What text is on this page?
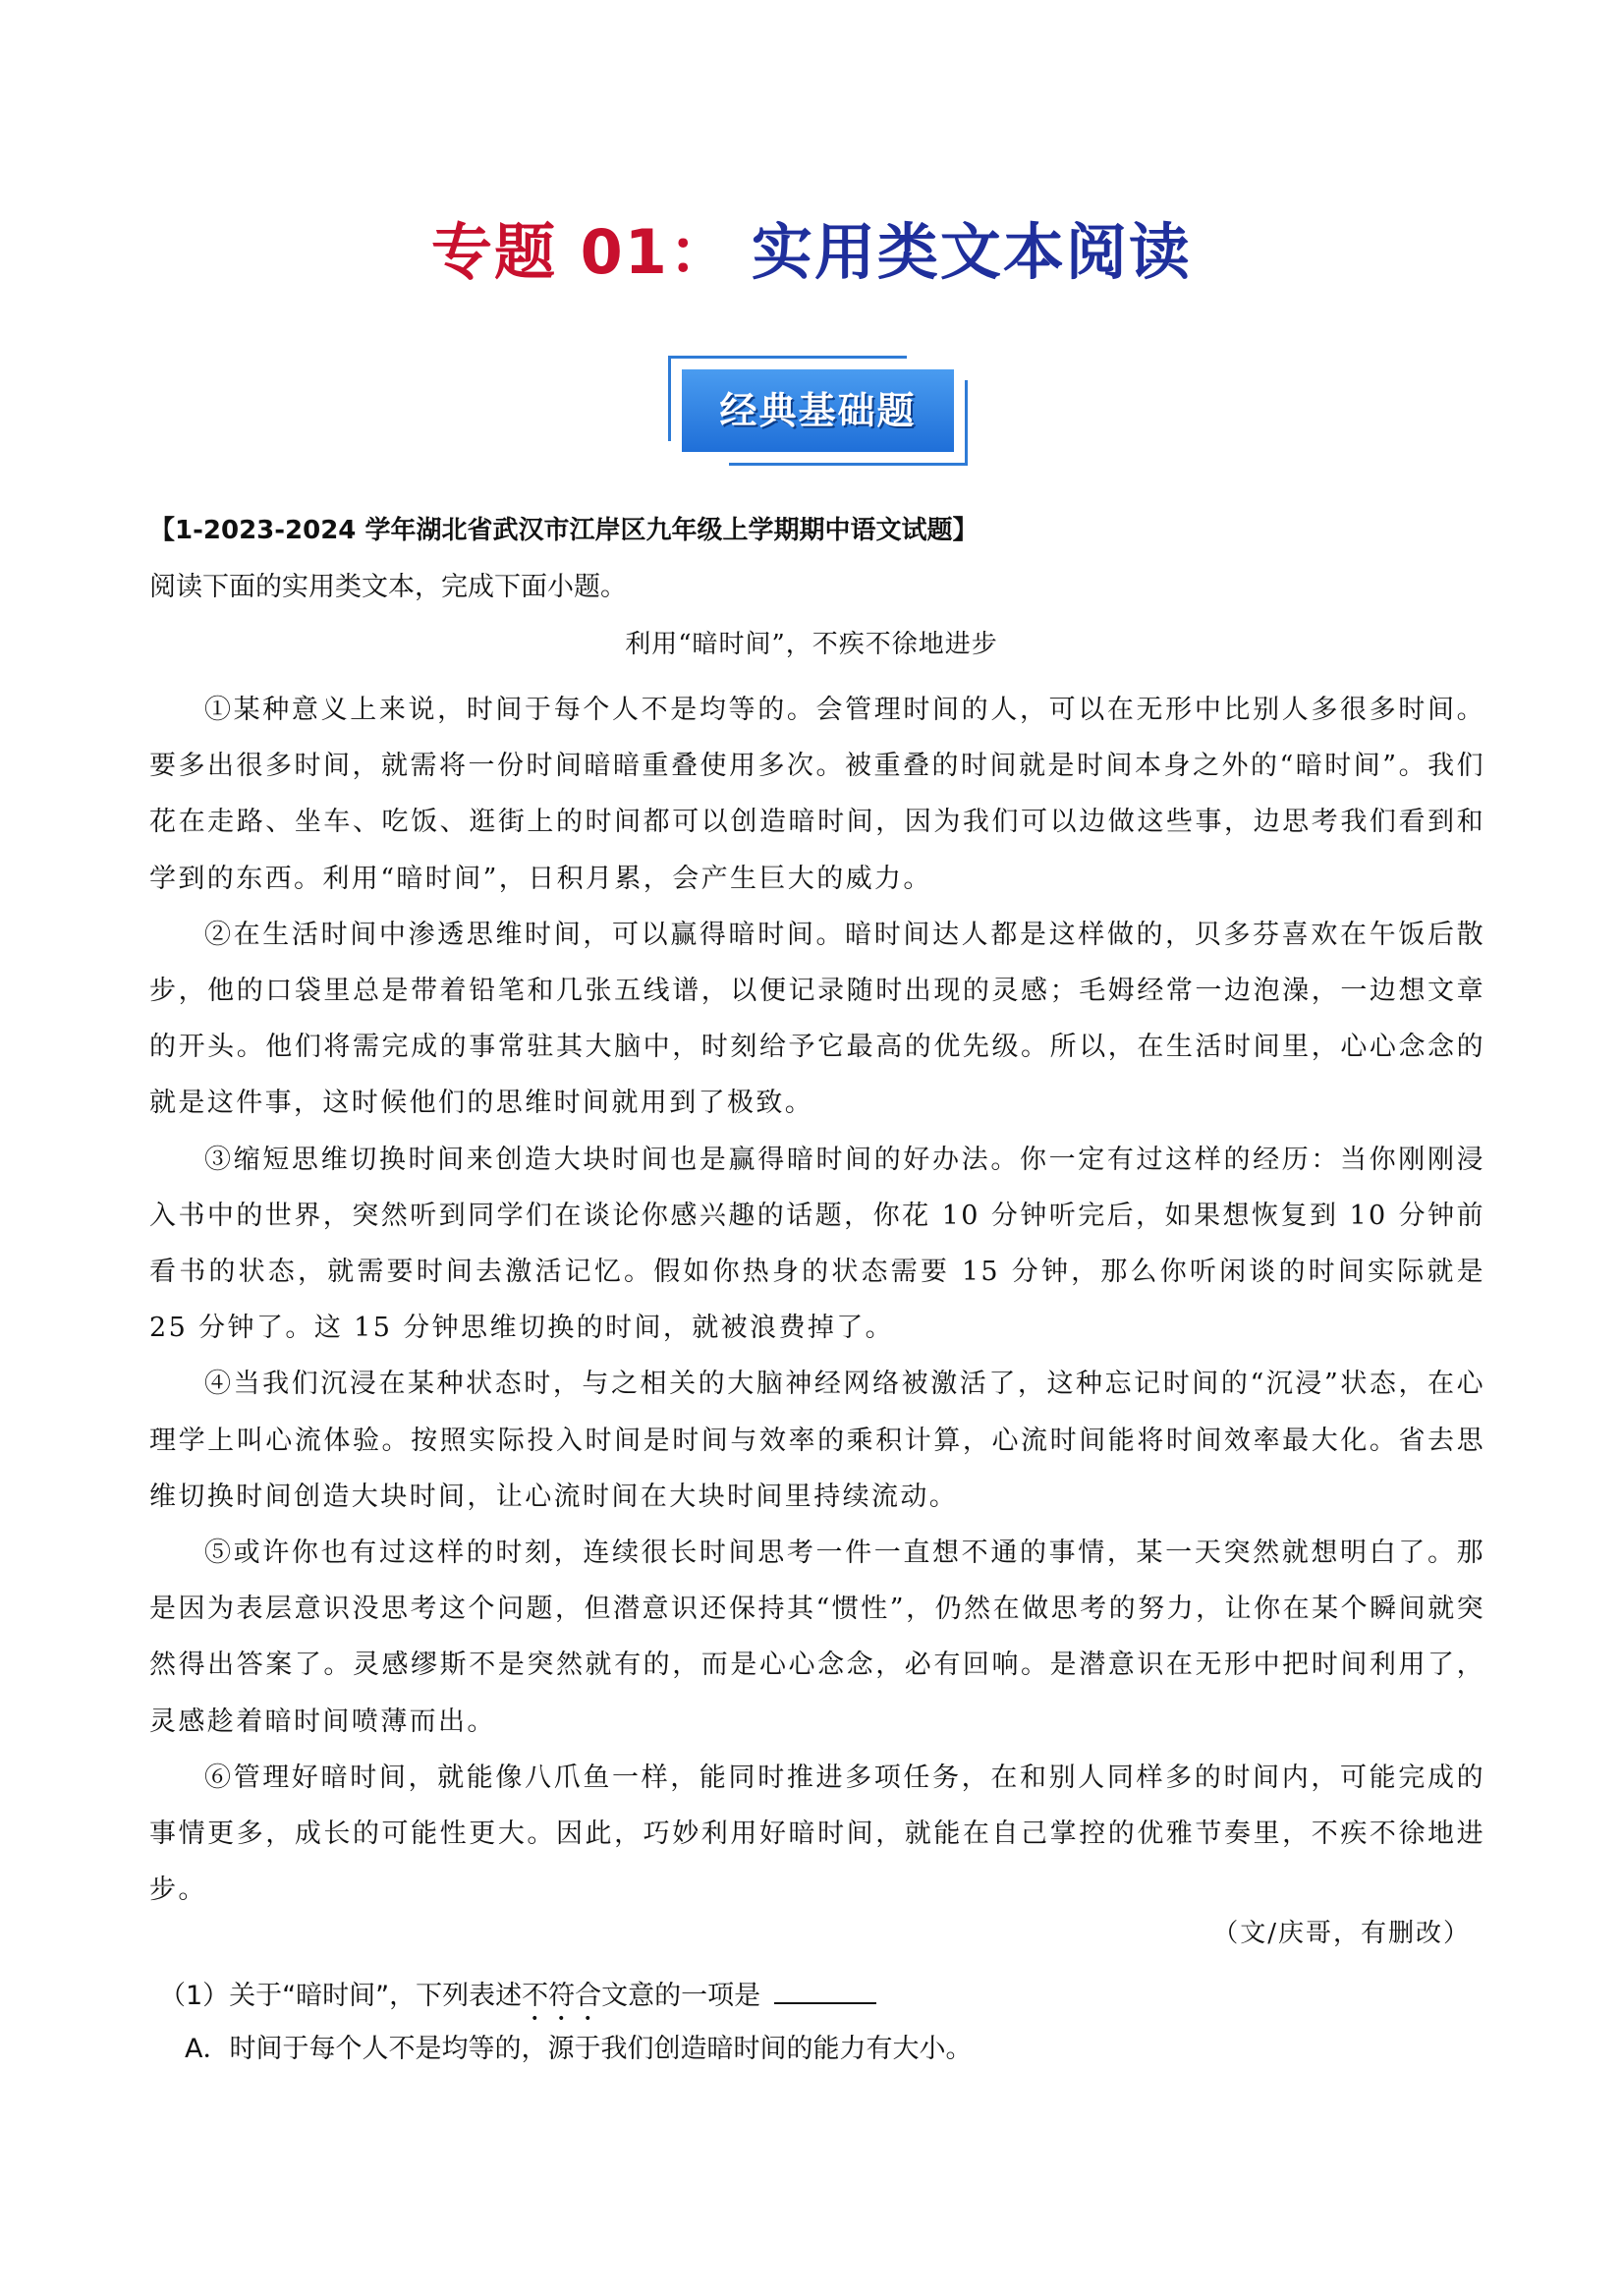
专题 01： 实用类文本阅读
经典基础题
【1-2023-2024 学年湖北省武汉市江岸区九年级上学期期中语文试题】
阅读下面的实用类文本，完成下面小题。
利用“暗时间”，不疾不徐地进步

①某种意义上来说，时间于每个人不是均等的。会管理时间的人，可以在无形中比别人多很多时间。要多出很多时间，就需将一份时间暗暗重叠使用多次。被重叠的时间就是时间本身之外的“暗时间”。我们花在走路、坐车、吃饭、逛街上的时间都可以创造暗时间，因为我们可以边做这些事，边思考我们看到和学到的东西。利用“暗时间”，日积月累，会产生巨大的威力。

②在生活时间中渗透思维时间，可以赢得暗时间。暗时间达人都是这样做的，贝多芬喜欢在午饭后散步，他的口袋里总是带着铅笔和几张五线谱，以便记录随时出现的灵感；毛姆经常一边泡澡，一边想文章的开头。他们将需完成的事常驻其大脑中，时刻给予它最高的优先级。所以，在生活时间里，心心念念的就是这件事，这时候他们的思维时间就用到了极致。

③缩短思维切换时间来创造大块时间也是赢得暗时间的好办法。你一定有过这样的经历：当你刚刚浸入书中的世界，突然听到同学们在谈论你感兴趣的话题，你花 10 分钟听完后，如果想恢复到 10 分钟前看书的状态，就需要时间去激活记忆。假如你热身的状态需要 15 分钟，那么你听闲谈的时间实际就是 25 分钟了。这 15 分钟思维切换的时间，就被浪费掉了。

④当我们沉浸在某种状态时，与之相关的大脑神经网络被激活了，这种忘记时间的“沉浸”状态，在心理学上叫心流体验。按照实际投入时间是时间与效率的乘积计算，心流时间能将时间效率最大化。省去思维切换时间创造大块时间，让心流时间在大块时间里持续流动。

⑤或许你也有过这样的时刻，连续很长时间思考一件一直想不通的事情，某一天突然就想明白了。那是因为表层意识没思考这个问题，但潜意识还保持其“惯性”，仍然在做思考的努力，让你在某个瞬间就突然得出答案了。灵感缪斯不是突然就有的，而是心心念念，必有回响。是潜意识在无形中把时间利用了，灵感趁着暗时间喷薄而出。

⑥管理好暗时间，就能像八爪鱼一样，能同时推进多项任务，在和别人同样多的时间内，可能完成的事情更多，成长的可能性更大。因此，巧妙利用好暗时间，就能在自己掌控的优雅节奏里，不疾不徐地进步。

（文/庆哥，有删改）
（1）关于“暗时间”，下列表述不符合文意的一项是
A．时间于每个人不是均等的，源于我们创造暗时间的能力有大小。
